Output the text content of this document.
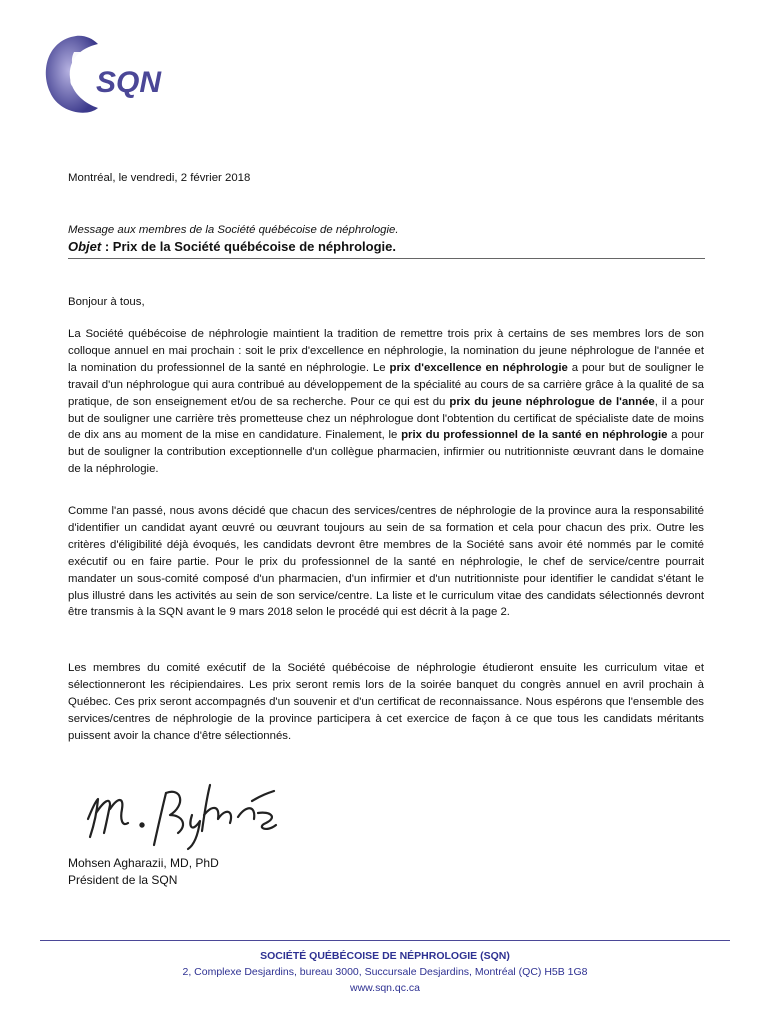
SQN
Montréal, le vendredi, 2 février 2018
Message aux membres de la Société québécoise de néphrologie.
Objet : Prix de la Société québécoise de néphrologie.
Bonjour à tous,
La Société québécoise de néphrologie maintient la tradition de remettre trois prix à certains de ses membres lors de son colloque annuel en mai prochain : soit le prix d'excellence en néphrologie, la nomination du jeune néphrologue de l'année et la nomination du professionnel de la santé en néphrologie. Le prix d'excellence en néphrologie a pour but de souligner le travail d'un néphrologue qui aura contribué au développement de la spécialité au cours de sa carrière grâce à la qualité de sa pratique, de son enseignement et/ou de sa recherche. Pour ce qui est du prix du jeune néphrologue de l'année, il a pour but de souligner une carrière très prometteuse chez un néphrologue dont l'obtention du certificat de spécialiste date de moins de dix ans au moment de la mise en candidature. Finalement, le prix du professionnel de la santé en néphrologie a pour but de souligner la contribution exceptionnelle d'un collègue pharmacien, infirmier ou nutritionniste œuvrant dans le domaine de la néphrologie.
Comme l'an passé, nous avons décidé que chacun des services/centres de néphrologie de la province aura la responsabilité d'identifier un candidat ayant œuvré ou œuvrant toujours au sein de sa formation et cela pour chacun des prix. Outre les critères d'éligibilité déjà évoqués, les candidats devront être membres de la Société sans avoir été nommés par le comité exécutif ou en faire partie. Pour le prix du professionnel de la santé en néphrologie, le chef de service/centre pourrait mandater un sous-comité composé d'un pharmacien, d'un infirmier et d'un nutritionniste pour identifier le candidat s'étant le plus illustré dans les activités au sein de son service/centre. La liste et le curriculum vitae des candidats sélectionnés devront être transmis à la SQN avant le 9 mars 2018 selon le procédé qui est décrit à la page 2.
Les membres du comité exécutif de la Société québécoise de néphrologie étudieront ensuite les curriculum vitae et sélectionneront les récipiendaires. Les prix seront remis lors de la soirée banquet du congrès annuel en avril prochain à Québec. Ces prix seront accompagnés d'un souvenir et d'un certificat de reconnaissance. Nous espérons que l'ensemble des services/centres de néphrologie de la province participera à cet exercice de façon à ce que tous les candidats méritants puissent avoir la chance d'être sélectionnés.
Mohsen Agharazii, MD, PhD
Président de la SQN
SOCIÉTÉ QUÉBÉCOISE DE NÉPHROLOGIE (SQN)
2, Complexe Desjardins, bureau 3000, Succursale Desjardins, Montréal (QC) H5B 1G8
www.sqn.qc.ca
